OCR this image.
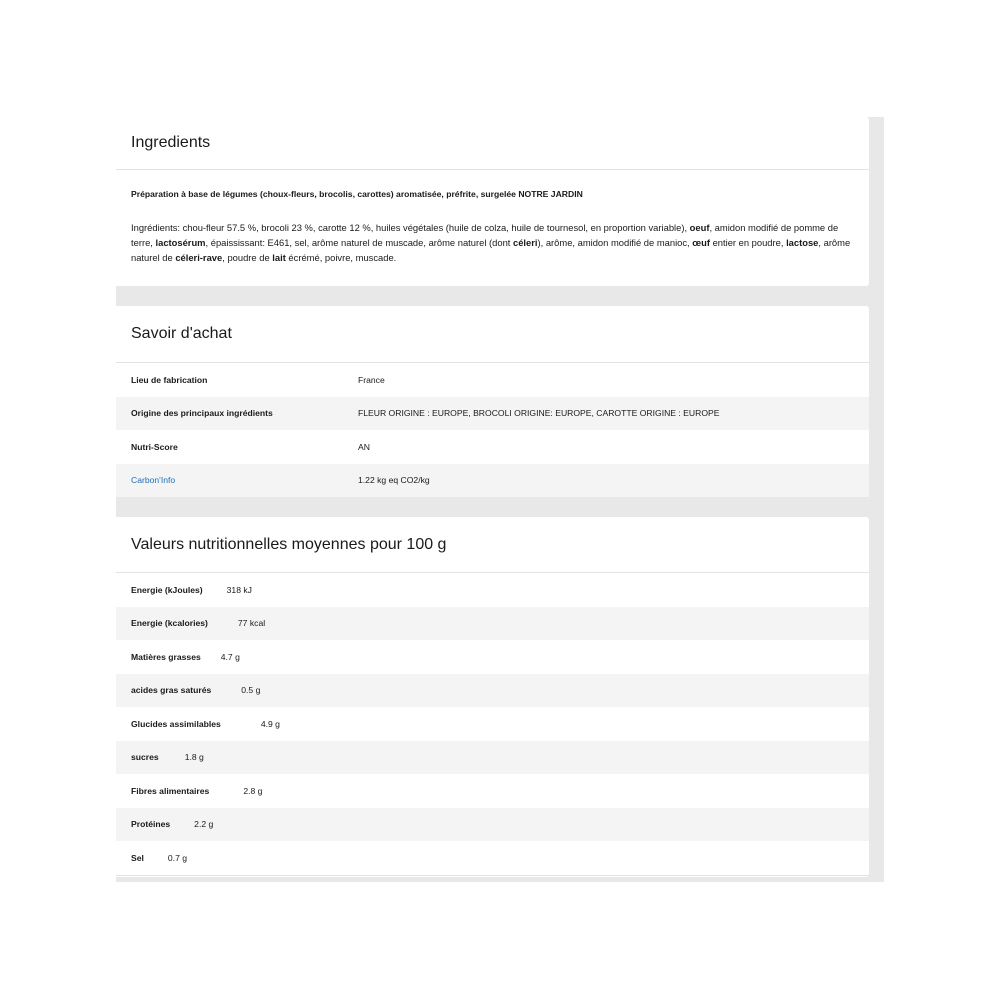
Ingredients

Préparation à base de légumes (choux-fleurs, brocolis, carottes) aromatisée, préfrite, surgelée NOTRE JARDIN

Ingrédients: chou-fleur 57.5 %, brocoli 23 %, carotte 12 %, huiles végétales (huile de colza, huile de tournesol, en proportion variable), oeuf, amidon modifié de pomme de terre, lactosérum, épaississant: E461, sel, arôme naturel de muscade, arôme naturel (dont céleri), arôme, amidon modifié de manioc, œuf entier en poudre, lactose, arôme naturel de céleri-rave, poudre de lait écrémé, poivre, muscade.

Savoir d'achat
Lieu de fabrication	France
Origine des principaux ingrédients	FLEUR ORIGINE : EUROPE, BROCOLI ORIGINE: EUROPE, CAROTTE ORIGINE : EUROPE
Nutri-Score	AN
Carbon'Info	1.22 kg eq CO2/kg
Valeurs nutritionnelles moyennes pour 100 g
Energie (kJoules)	318 kJ
Energie (kcalories)	77 kcal
Matières grasses 4.7 g
acides gras saturés	0.5 g
Glucides assimilables	4.9 g
sucres	1.8 g
Fibres alimentaires	2.8 g
Protéines	2.2 g
Sel	0.7 g
